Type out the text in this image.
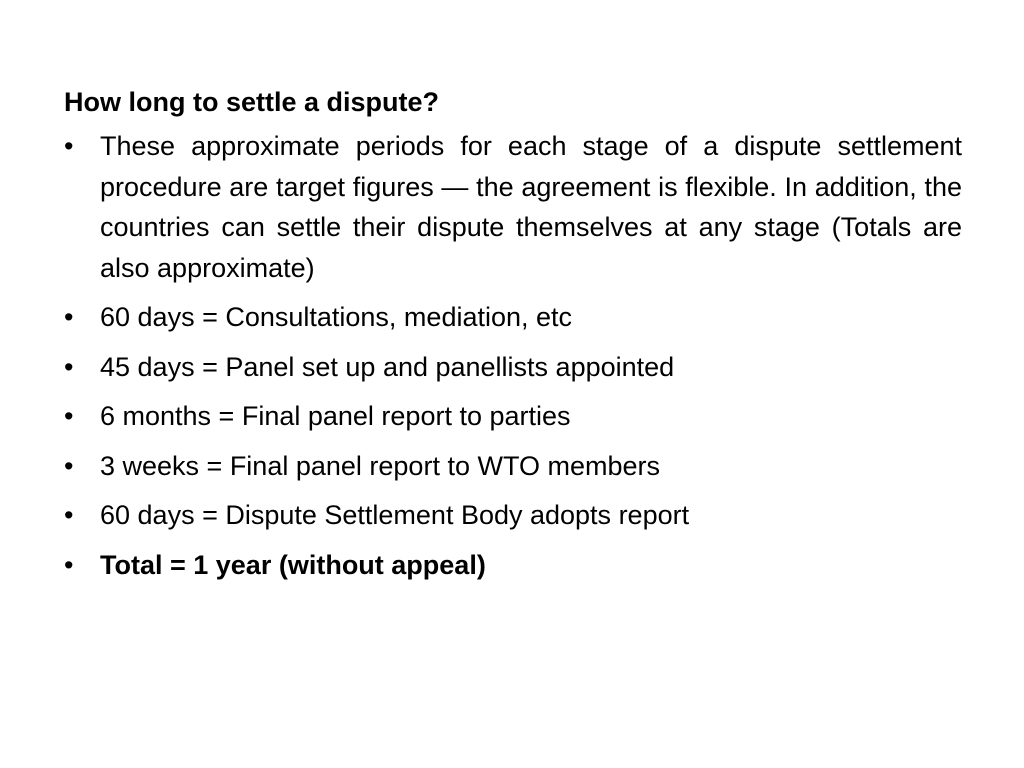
How long to settle a dispute?
• These approximate periods for each stage of a dispute settlement procedure are target figures — the agreement is flexible. In addition, the countries can settle their dispute themselves at any stage (Totals are also approximate)
• 60 days = Consultations, mediation, etc
• 45 days = Panel set up and panellists appointed
• 6 months = Final panel report to parties
• 3 weeks = Final panel report to WTO members
• 60 days = Dispute Settlement Body adopts report
• Total = 1 year (without appeal)
